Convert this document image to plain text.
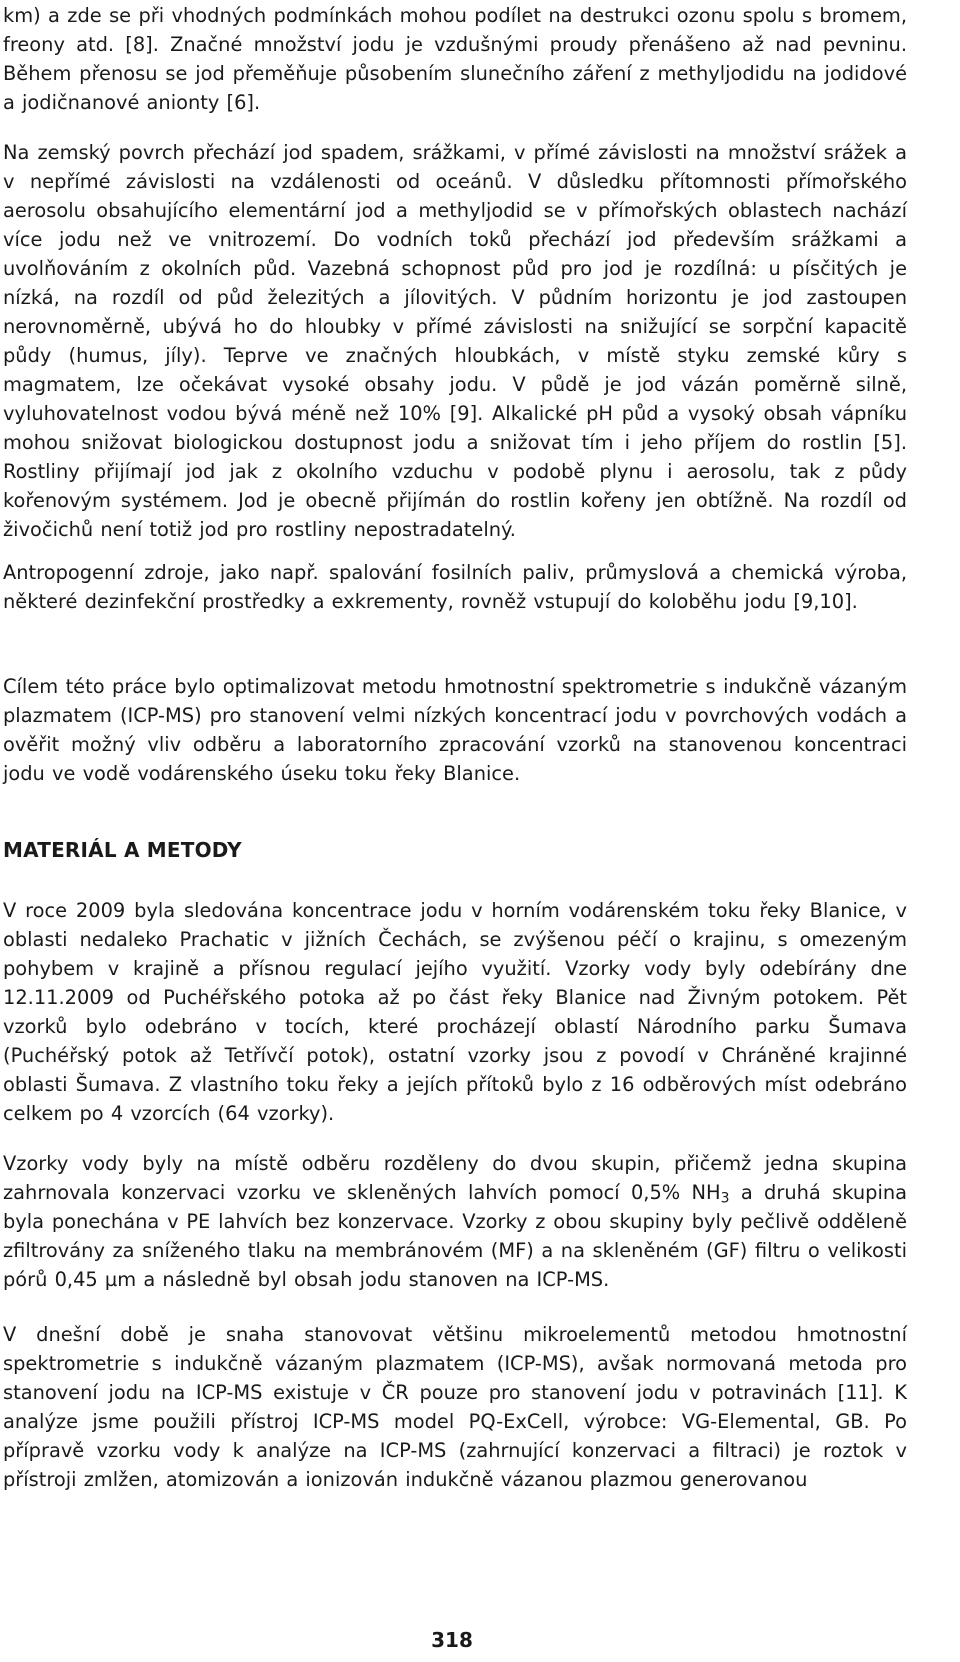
km) a zde se při vhodných podmínkách mohou podílet na destrukci ozonu spolu s bromem, freony atd. [8]. Značné množství jodu je vzdušnými proudy přenášeno až nad pevninu. Během přenosu se jod přeměňuje působením slunečního záření z methyljodidu na jodidové a jodičnanové anionty [6].

Na zemský povrch přechází jod spadem, srážkami, v přímé závislosti na množství srážek a v nepřímé závislosti na vzdálenosti od oceánů. V důsledku přítomnosti přímořského aerosolu obsahujícího elementární jod a methyljodid se v přímořských oblastech nachází více jodu než ve vnitrozemí. Do vodních toků přechází jod především srážkami a uvolňováním z okolních půd. Vazebná schopnost půd pro jod je rozdílná: u písčitých je nízká, na rozdíl od půd železitých a jílovitých. V půdním horizontu je jod zastoupen nerovnoměrně, ubývá ho do hloubky v přímé závislosti na snižující se sorpční kapacitě půdy (humus, jíly). Teprve ve značných hloubkách, v místě styku zemské kůry s magmatem, lze očekávat vysoké obsahy jodu. V půdě je jod vázán poměrně silně, vyluhovatelnost vodou bývá méně než 10% [9]. Alkalické pH půd a vysoký obsah vápníku mohou snižovat biologickou dostupnost jodu a snižovat tím i jeho příjem do rostlin [5]. Rostliny přijímají jod jak z okolního vzduchu v podobě plynu i aerosolu, tak z půdy kořenovým systémem. Jod je obecně přijímán do rostlin kořeny jen obtížně. Na rozdíl od živočichů není totiž jod pro rostliny nepostradatelný.

Antropogenní zdroje, jako např. spalování fosilních paliv, průmyslová a chemická výroba, některé dezinfekční prostředky a exkrementy, rovněž vstupují do koloběhu jodu [9,10].

Cílem této práce bylo optimalizovat metodu hmotnostní spektrometrie s indukčně vázaným plazmatem (ICP-MS) pro stanovení velmi nízkých koncentrací jodu v povrchových vodách a ověřit možný vliv odběru a laboratorního zpracování vzorků na stanovenou koncentraci jodu ve vodě vodárenského úseku toku řeky Blanice.

MATERIÁL A METODY

V roce 2009 byla sledována koncentrace jodu v horním vodárenském toku řeky Blanice, v oblasti nedaleko Prachatic v jižních Čechách, se zvýšenou péčí o krajinu, s omezeným pohybem v krajině a přísnou regulací jejího využití. Vzorky vody byly odebírány dne 12.11.2009 od Puchéřského potoka až po část řeky Blanice nad Živným potokem. Pět vzorků bylo odebráno v tocích, které procházejí oblastí Národního parku Šumava (Puchéřský potok až Tetřívčí potok), ostatní vzorky jsou z povodí v Chráněné krajinné oblasti Šumava. Z vlastního toku řeky a jejích přítoků bylo z 16 odběrových míst odebráno celkem po 4 vzorcích (64 vzorky).

Vzorky vody byly na místě odběru rozděleny do dvou skupin, přičemž jedna skupina zahrnovala konzervaci vzorku ve skleněných lahvích pomocí 0,5% $NH_3$ a druhá skupina byla ponechána v PE lahvích bez konzervace. Vzorky z obou skupiny byly pečlivě odděleně zfiltrovány za sníženého tlaku na membránovém (MF) a na skleněném (GF) filtru o velikosti pórů 0,45 µm a následně byl obsah jodu stanoven na ICP-MS.

V dnešní době je snaha stanovovat většinu mikroelementů metodou hmotnostní spektrometrie s indukčně vázaným plazmatem (ICP-MS), avšak normovaná metoda pro stanovení jodu na ICP-MS existuje v ČR pouze pro stanovení jodu v potravinách [11]. K analýze jsme použili přístroj ICP-MS model PQ-ExCell, výrobce: VG-Elemental, GB. Po přípravě vzorku vody k analýze na ICP-MS (zahrnující konzervaci a filtraci) je roztok v přístroji zmlžen, atomizován a ionizován indukčně vázanou plazmou generovanou

318
